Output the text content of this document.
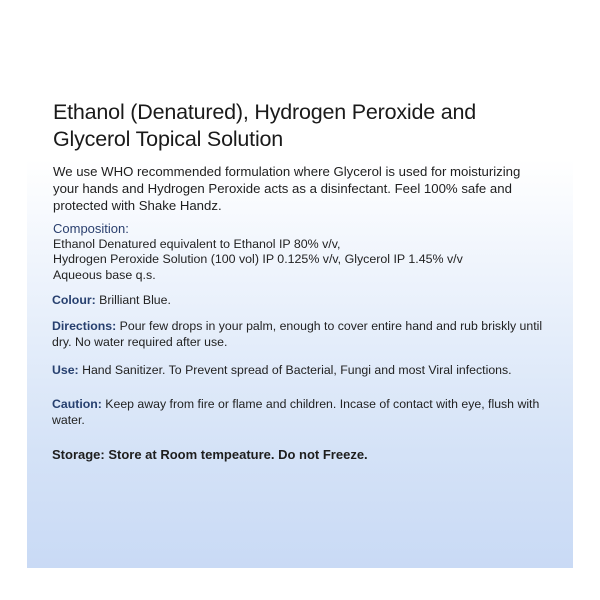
Ethanol (Denatured), Hydrogen Peroxide and
Glycerol Topical Solution

We use WHO recommended formulation where Glycerol is used for moisturizing your hands and Hydrogen Peroxide acts as a disinfectant. Feel 100% safe and protected with Shake Handz.

Composition:
Ethanol Denatured equivalent to Ethanol IP 80% v/v,
Hydrogen Peroxide Solution (100 vol) IP 0.125% v/v, Glycerol IP 1.45% v/v
Aqueous base q.s.

Colour: Brilliant Blue.

Directions: Pour few drops in your palm, enough to cover entire hand and rub briskly until dry. No water required after use.

Use: Hand Sanitizer. To Prevent spread of Bacterial, Fungi and most Viral infections.

Caution: Keep away from fire or flame and children. Incase of contact with eye, flush with water.

Storage: Store at Room tempeature. Do not Freeze.
